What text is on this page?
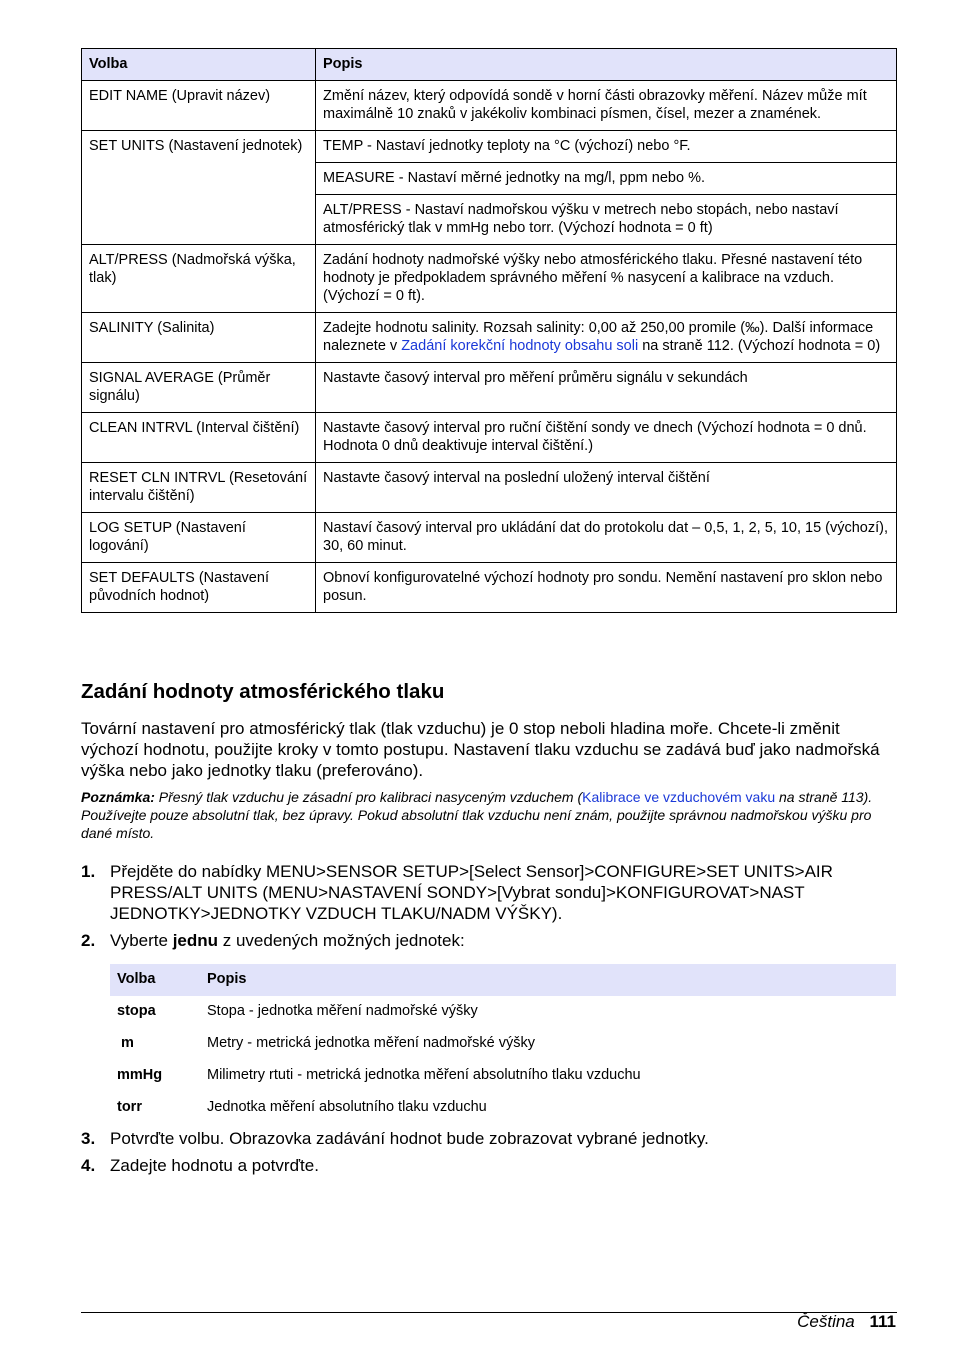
Volba	Popis
EDIT NAME (Upravit název)	Změní název, který odpovídá sondě v horní části obrazovky měření. Název může mít maximálně 10 znaků v jakékoliv kombinaci písmen, čísel, mezer a znamének.
SET UNITS (Nastavení jednotek)	TEMP - Nastaví jednotky teploty na °C (výchozí) nebo °F.
	MEASURE - Nastaví měrné jednotky na mg/l, ppm nebo %.
	ALT/PRESS - Nastaví nadmořskou výšku v metrech nebo stopách, nebo nastaví atmosférický tlak v mmHg nebo torr. (Výchozí hodnota = 0 ft)
ALT/PRESS (Nadmořská výška, tlak)	Zadání hodnoty nadmořské výšky nebo atmosférického tlaku. Přesné nastavení této hodnoty je předpokladem správného měření % nasycení a kalibrace na vzduch. (Výchozí = 0 ft).
SALINITY (Salinita)	Zadejte hodnotu salinity. Rozsah salinity: 0,00 až 250,00 promile (‰). Další informace naleznete v Zadání korekční hodnoty obsahu soli na straně 112. (Výchozí hodnota = 0)
SIGNAL AVERAGE (Průměr signálu)	Nastavte časový interval pro měření průměru signálu v sekundách
CLEAN INTRVL (Interval čištění)	Nastavte časový interval pro ruční čištění sondy ve dnech (Výchozí hodnota = 0 dnů. Hodnota 0 dnů deaktivuje interval čištění.)
RESET CLN INTRVL (Resetování intervalu čištění)	Nastavte časový interval na poslední uložený interval čištění
LOG SETUP (Nastavení logování)	Nastaví časový interval pro ukládání dat do protokolu dat – 0,5, 1, 2, 5, 10, 15 (výchozí), 30, 60 minut.
SET DEFAULTS (Nastavení původních hodnot)	Obnoví konfigurovatelné výchozí hodnoty pro sondu. Nemění nastavení pro sklon nebo posun.
Zadání hodnoty atmosférického tlaku

Tovární nastavení pro atmosférický tlak (tlak vzduchu) je 0 stop neboli hladina moře. Chcete-li změnit výchozí hodnotu, použijte kroky v tomto postupu. Nastavení tlaku vzduchu se zadává buď jako nadmořská výška nebo jako jednotky tlaku (preferováno).

Poznámka: Přesný tlak vzduchu je zásadní pro kalibraci nasyceným vzduchem (Kalibrace ve vzduchovém vaku na straně 113). Používejte pouze absolutní tlak, bez úpravy. Pokud absolutní tlak vzduchu není znám, použijte správnou nadmořskou výšku pro dané místo.

1. Přejděte do nabídky MENU>SENSOR SETUP>[Select Sensor]>CONFIGURE>SET UNITS>AIR PRESS/ALT UNITS (MENU>NASTAVENÍ SONDY>[Vybrat sondu]>KONFIGUROVAT>NAST JEDNOTKY>JEDNOTKY VZDUCH TLAKU/NADM VÝŠKY).
2. Vyberte jednu z uvedených možných jednotek:
Volba	Popis
stopa	Stopa - jednotka měření nadmořské výšky
m	Metry - metrická jednotka měření nadmořské výšky
mmHg	Milimetry rtuti - metrická jednotka měření absolutního tlaku vzduchu
torr	Jednotka měření absolutního tlaku vzduchu
3. Potvrďte volbu. Obrazovka zadávání hodnot bude zobrazovat vybrané jednotky.
4. Zadejte hodnotu a potvrďte.
Čeština 111
